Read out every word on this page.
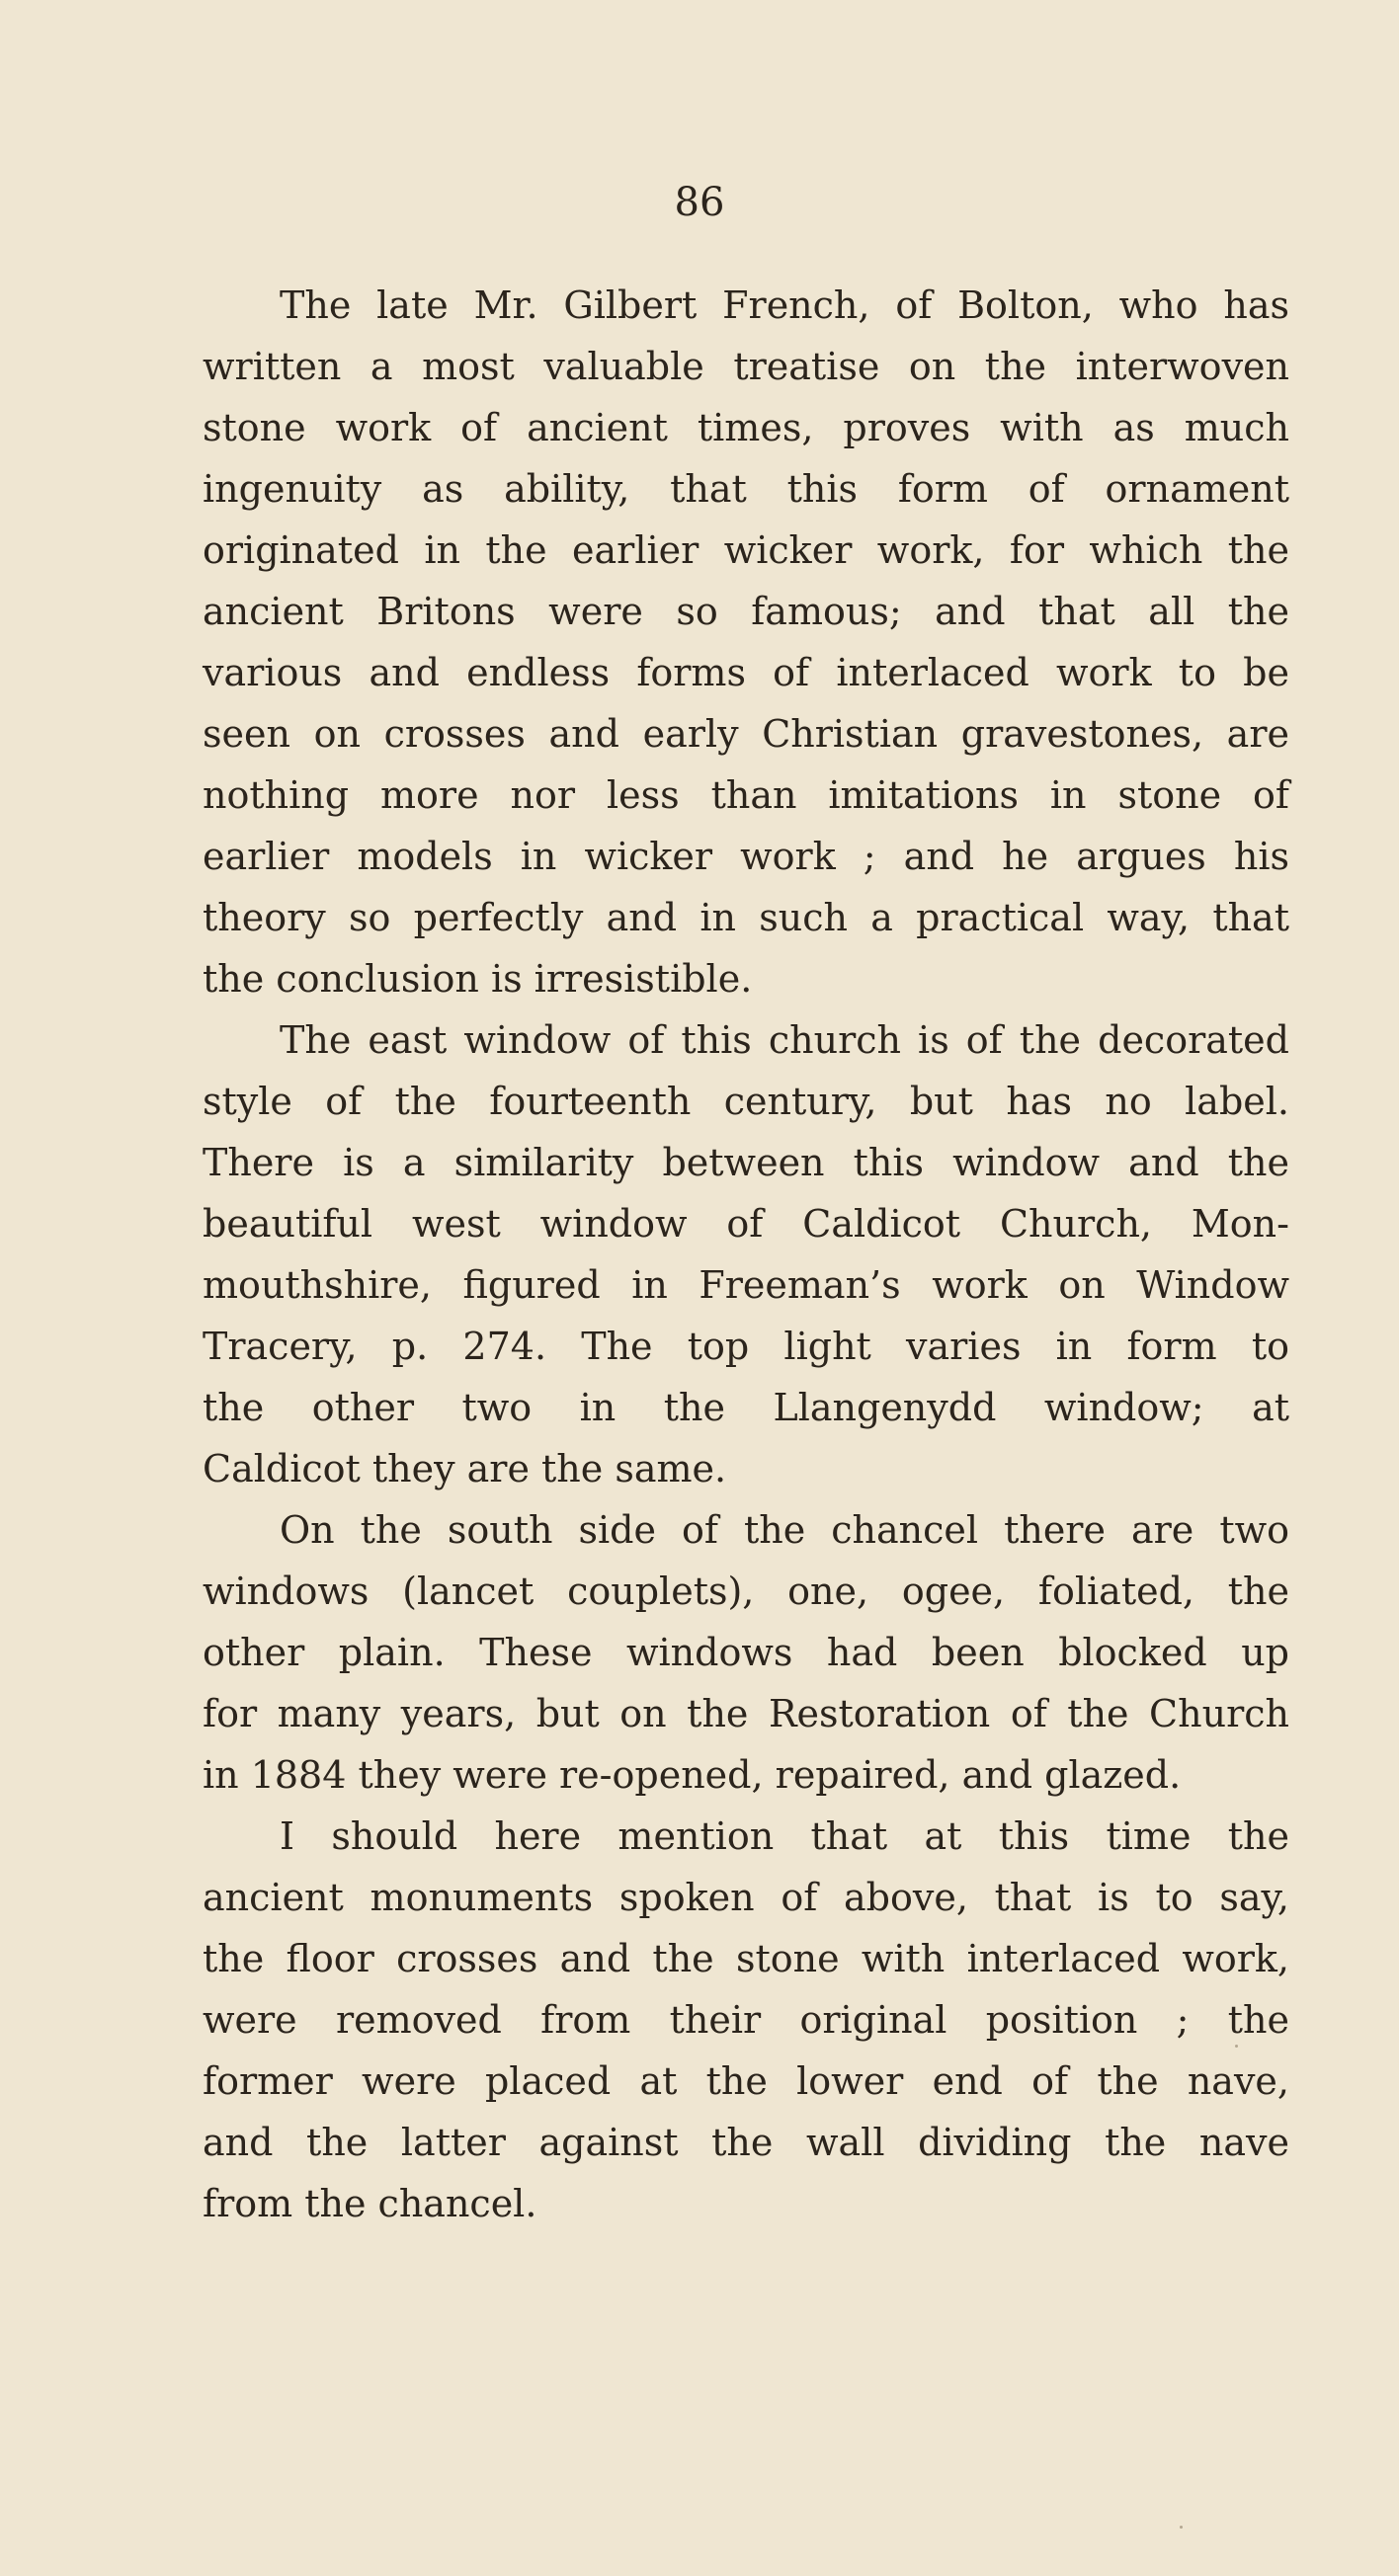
86
The late Mr. Gilbert French, of Bolton, who has
written a most valuable treatise on the interwoven
stone work of ancient times, proves with as much
ingenuity as ability, that this form of ornament
originated in the earlier wicker work, for which the
ancient Britons were so famous; and that all the
various and endless forms of interlaced work to be
seen on crosses and early Christian gravestones, are
nothing more nor less than imitations in stone of
earlier models in wicker work ; and he argues his
theory so perfectly and in such a practical way, that
the conclusion is irresistible.
The east window of this church is of the decorated
style of the fourteenth century, but has no label.
There is a similarity between this window and the
beautiful west window of Caldicot Church, Mon-
mouthshire, figured in Freeman’s work on Window
Tracery, p. 274. The top light varies in form to
the other two in the Llangenydd window; at
Caldicot they are the same.
On the south side of the chancel there are two
windows (lancet couplets), one, ogee, foliated, the
other plain. These windows had been blocked up
for many years, but on the Restoration of the Church
in 1884 they were re-opened, repaired, and glazed.
I should here mention that at this time the
ancient monuments spoken of above, that is to say,
the floor crosses and the stone with interlaced work,
were removed from their original position ; the
former were placed at the lower end of the nave,
and the latter against the wall dividing the nave
from the chancel.
